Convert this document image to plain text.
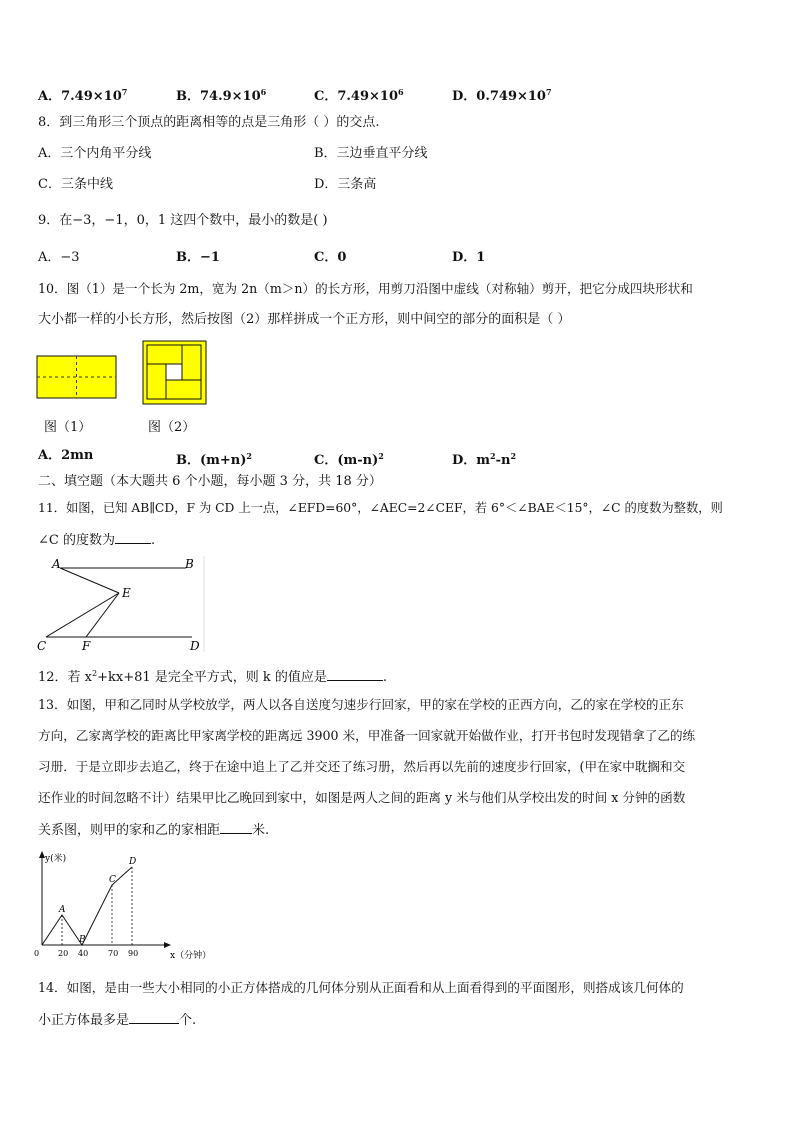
A．$7.49\times 10^7$	B．$74.9\times 10^6$	C．$7.49\times 10^6$	D．$0.749\times 10^7$
8．到三角形三个顶点的距离相等的点是三角形（ ）的交点.
A．三个内角平分线	B．三边垂直平分线
C．三条中线	D．三条高
9．在−3，−1，0，1 这四个数中，最小的数是( )
A．−3	B．−1	C．0	D．1
10．图（1）是一个长为 2m，宽为 2n（m＞n）的长方形，用剪刀沿图中虚线（对称轴）剪开，把它分成四块形状和
大小都一样的小长方形，然后按图（2）那样拼成一个正方形，则中间空的部分的面积是（ ）
图（1）	图（2）
A．2mn	B．$(m+n)^2$	C．$(m-n)^2$	D．$m^2-n^2$
二、填空题（本大题共 6 个小题，每小题 3 分，共 18 分）
11．如图，已知 AB∥CD，F 为 CD 上一点，∠EFD=60°，∠AEC=2∠CEF，若 6°＜∠BAE＜15°，∠C 的度数为整数，则
∠C 的度数为	.
A	B
E
C	F	D
12．若 $x^2+kx+81$ 是完全平方式，则 k 的值应是	.
13．如图，甲和乙同时从学校放学，两人以各自送度匀速步行回家，甲的家在学校的正西方向，乙的家在学校的正东
方向，乙家离学校的距离比甲家离学校的距离远 3900 米，甲准备一回家就开始做作业，打开书包时发现错拿了乙的练
习册．于是立即步去追乙，终于在途中追上了乙并交还了练习册，然后再以先前的速度步行回家，(甲在家中耽搁和交
还作业的时间忽略不计）结果甲比乙晚回到家中，如图是两人之间的距离 y 米与他们从学校出发的时间 x 分钟的函数
关系图，则甲的家和乙的家相距 米.
y(米)
x（分钟）
A
B
C
D
0 20 40 70 90
14．如图，是由一些大小相同的小正方体搭成的几何体分别从正面看和从上面看得到的平面图形，则搭成该几何体的
小正方体最多是	个.
